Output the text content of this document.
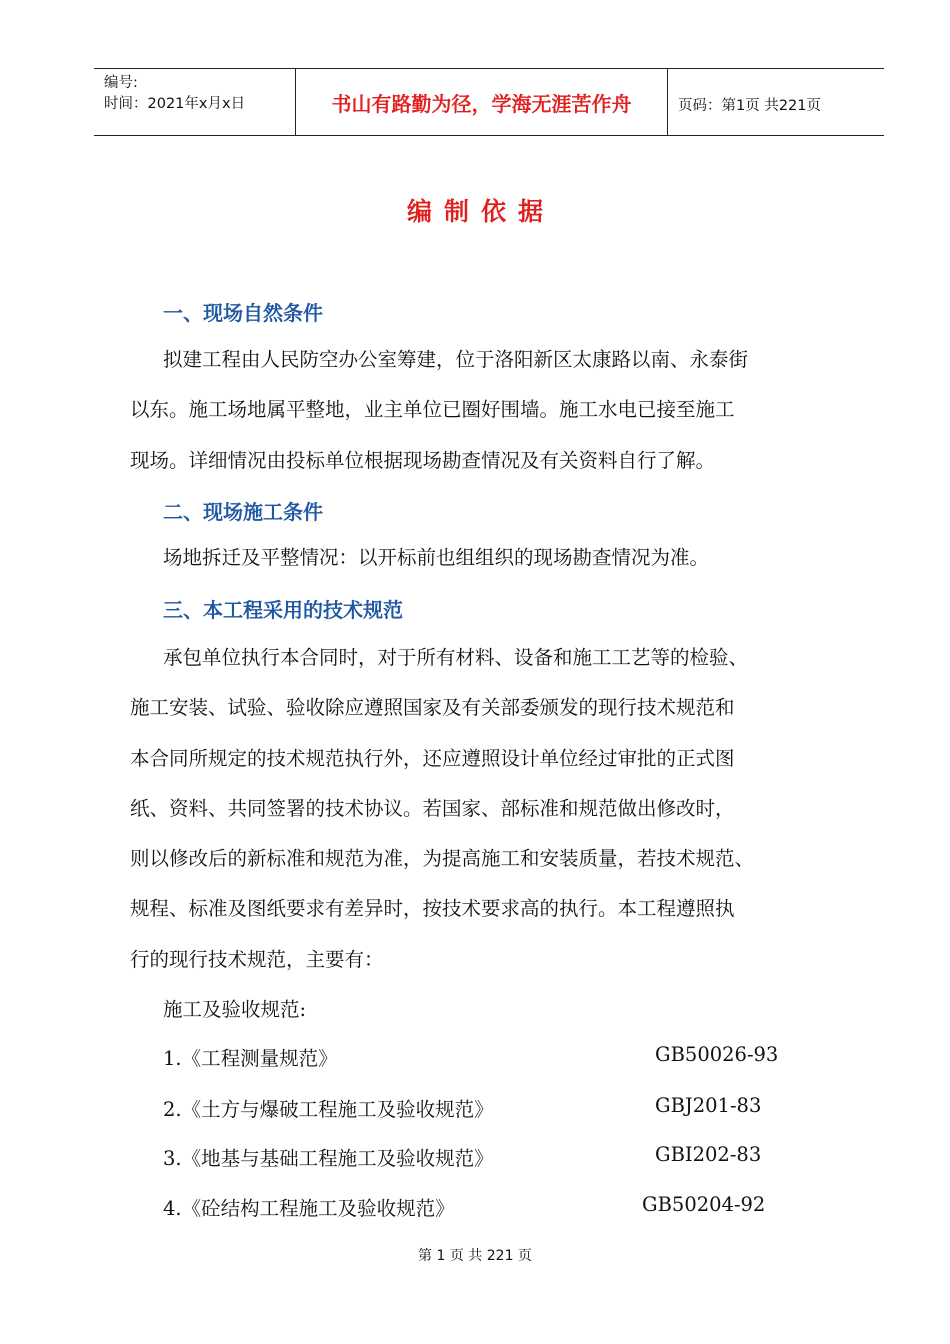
编号:
时间：2021年x月x日	书山有路勤为径，学海无涯苦作舟	页码：第1页 共221页
编制依据
一、现场自然条件

拟建工程由人民防空办公室筹建，位于洛阳新区太康路以南、永泰街

以东。施工场地属平整地，业主单位已圈好围墙。施工水电已接至施工

现场。详细情况由投标单位根据现场勘查情况及有关资料自行了解。

二、现场施工条件

场地拆迁及平整情况：以开标前也组组织的现场勘查情况为准。

三、本工程采用的技术规范

承包单位执行本合同时，对于所有材料、设备和施工工艺等的检验、

施工安装、试验、验收除应遵照国家及有关部委颁发的现行技术规范和

本合同所规定的技术规范执行外，还应遵照设计单位经过审批的正式图

纸、资料、共同签署的技术协议。若国家、部标准和规范做出修改时，

则以修改后的新标准和规范为准，为提高施工和安装质量，若技术规范、

规程、标准及图纸要求有差异时，按技术要求高的执行。本工程遵照执

行的现行技术规范，主要有：

施工及验收规范:
1.《工程测量规范》	GB50026-93
2.《土方与爆破工程施工及验收规范》	GBJ201-83
3.《地基与基础工程施工及验收规范》	GBI202-83
4.《砼结构工程施工及验收规范》	GB50204-92
第 1 页 共 221 页
